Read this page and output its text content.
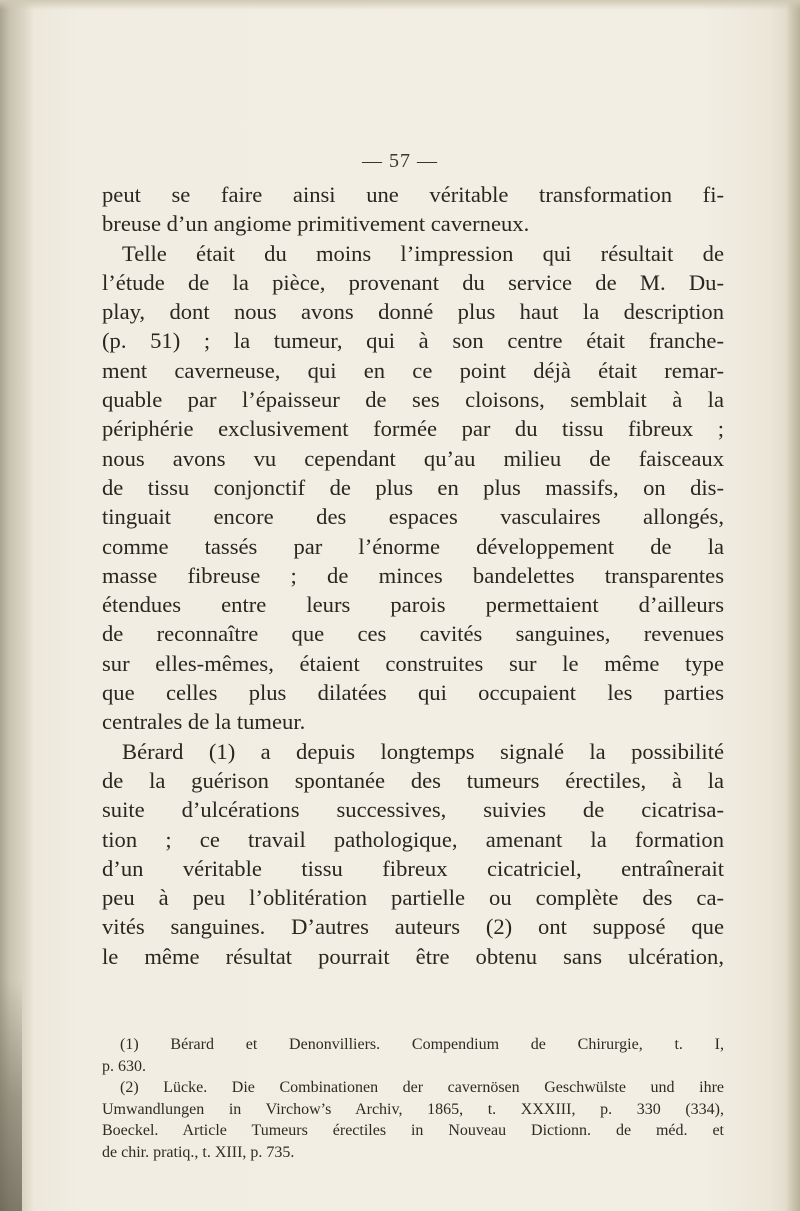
— 57 —
peut se faire ainsi une véritable transformation fi-
breuse d’un angiome primitivement caverneux.
Telle était du moins l’impression qui résultait de
l’étude de la pièce, provenant du service de M. Du-
play, dont nous avons donné plus haut la description
(p. 51) ; la tumeur, qui à son centre était franche-
ment caverneuse, qui en ce point déjà était remar-
quable par l’épaisseur de ses cloisons, semblait à la
périphérie exclusivement formée par du tissu fibreux ;
nous avons vu cependant qu’au milieu de faisceaux
de tissu conjonctif de plus en plus massifs, on dis-
tinguait encore des espaces vasculaires allongés,
comme tassés par l’énorme développement de la
masse fibreuse ; de minces bandelettes transparentes
étendues entre leurs parois permettaient d’ailleurs
de reconnaître que ces cavités sanguines, revenues
sur elles-mêmes, étaient construites sur le même type
que celles plus dilatées qui occupaient les parties
centrales de la tumeur.
Bérard (1) a depuis longtemps signalé la possibilité
de la guérison spontanée des tumeurs érectiles, à la
suite d’ulcérations successives, suivies de cicatrisa-
tion ; ce travail pathologique, amenant la formation
d’un véritable tissu fibreux cicatriciel, entraînerait
peu à peu l’oblitération partielle ou complète des ca-
vités sanguines. D’autres auteurs (2) ont supposé que
le même résultat pourrait être obtenu sans ulcération,
(1) Bérard et Denonvilliers. Compendium de Chirurgie, t. I,
p. 630.
(2) Lücke. Die Combinationen der cavernösen Geschwülste und ihre
Umwandlungen in Virchow’s Archiv, 1865, t. XXXIII, p. 330 (334),
Boeckel. Article Tumeurs érectiles in Nouveau Dictionn. de méd. et
de chir. pratiq., t. XIII, p. 735.
